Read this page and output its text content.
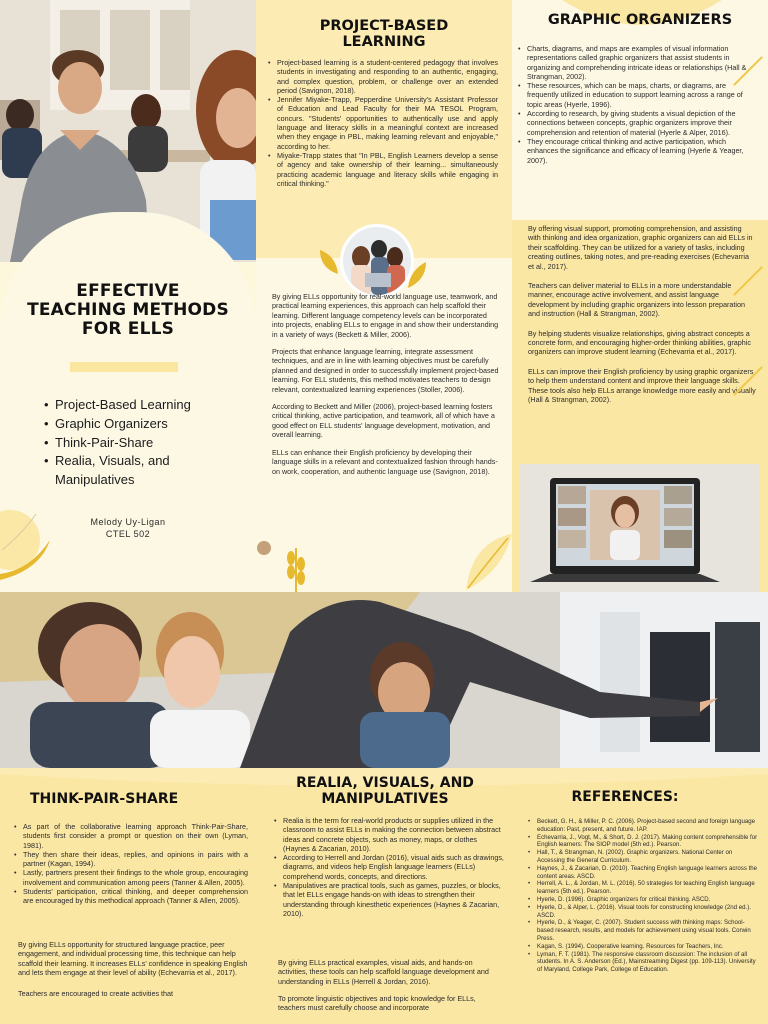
EFFECTIVE
TEACHING METHODS
FOR ELLS
• Project-Based Learning
• Graphic Organizers
• Think-Pair-Share
• Realia, Visuals, and Manipulatives
Melody Uy-Ligan
CTEL 502
PROJECT-BASED LEARNING
• Project-based learning is a student-centered pedagogy that involves students in investigating and responding to an authentic, engaging, and complex question, problem, or challenge over an extended period (Savignon, 2018).
• Jennifer Miyake-Trapp, Pepperdine University's Assistant Professor of Education and Lead Faculty for their MA TESOL Program, concurs. "Students' opportunities to authentically use and apply language and literacy skills in a meaningful context are increased when they engage in PBL, making learning relevant and enjoyable," according to her.
• Miyake-Trapp states that "In PBL, English Learners develop a sense of agency and take ownership of their learning... simultaneously practicing academic language and literacy skills while engaging in critical thinking."

By giving ELLs opportunity for real-world language use, teamwork, and practical learning experiences, this approach can help scaffold their learning. Different language competency levels can be incorporated into projects, enabling ELLs to engage in and show their understanding in a variety of ways (Beckett & Miller, 2006).

Projects that enhance language learning, integrate assessment techniques, and are in line with learning objectives must be carefully planned and designed in order to successfully implement project-based learning. For ELL students, this method motivates teachers to design relevant, contextualized learning experiences (Stoller, 2006).

According to Beckett and Miller (2006), project-based learning fosters critical thinking, active participation, and teamwork, all of which have a good effect on ELL students' language development, motivation, and overall learning.

ELLs can enhance their English proficiency by developing their language skills in a relevant and contextualized fashion through hands-on work, cooperation, and authentic language use (Savignon, 2018).

GRAPHIC ORGANIZERS
• Charts, diagrams, and maps are examples of visual information representations called graphic organizers that assist students in organizing and comprehending intricate ideas or relationships (Hall & Strangman, 2002).
• These resources, which can be maps, charts, or diagrams, are frequently utilized in education to support learning across a range of topic areas (Hyerle, 1996).
• According to research, by giving students a visual depiction of the connections between concepts, graphic organizers improve their comprehension and retention of material (Hyerle & Alper, 2016).
• They encourage critical thinking and active participation, which enhances the significance and efficacy of learning (Hyerle & Yeager, 2007).

By offering visual support, promoting comprehension, and assisting with thinking and idea organization, graphic organizers can aid ELLs in their scaffolding. They can be utilized for a variety of tasks, including creating outlines, taking notes, and pre-reading exercises (Echevarria et al., 2017).

Teachers can deliver material to ELLs in a more understandable manner, encourage active involvement, and assist language development by including graphic organizers into lesson preparation and instruction (Hall & Strangman, 2002).

By helping students visualize relationships, giving abstract concepts a concrete form, and encouraging higher-order thinking abilities, graphic organizers can improve student learning (Echevarria et al., 2017).

ELLs can improve their English proficiency by using graphic organizers to help them understand content and improve their language skills. These tools also help ELLs arrange knowledge more easily and visually (Hall & Strangman, 2002).

THINK-PAIR-SHARE
• As part of the collaborative learning approach Think-Pair-Share, students first consider a prompt or question on their own (Lyman, 1981).
• They then share their ideas, replies, and opinions in pairs with a partner (Kagan, 1994).
• Lastly, partners present their findings to the whole group, encouraging involvement and communication among peers (Tanner & Allen, 2005).
• Students' participation, critical thinking, and deeper comprehension are encouraged by this methodical approach (Tanner & Allen, 2005).

By giving ELLs opportunity for structured language practice, peer engagement, and individual processing time, this technique can help scaffold their learning. It increases ELLs' confidence in speaking English and lets them engage at their level of ability (Echevarria et al., 2017).

Teachers are encouraged to create activities that

REALIA, VISUALS, AND MANIPULATIVES
• Realia is the term for real-world products or supplies utilized in the classroom to assist ELLs in making the connection between abstract ideas and concrete objects, such as money, maps, or clothes (Haynes & Zacarian, 2010).
• According to Herrell and Jordan (2016), visual aids such as drawings, diagrams, and videos help English language learners (ELLs) comprehend words, concepts, and directions.
• Manipulatives are practical tools, such as games, puzzles, or blocks, that let ELLs engage hands-on with ideas to strengthen their understanding through kinesthetic experiences (Haynes & Zacarian, 2010).

By giving ELLs practical examples, visual aids, and hands-on activities, these tools can help scaffold language development and understanding in ELLs (Herrell & Jordan, 2016).

To promote linguistic objectives and topic knowledge for ELLs, teachers must carefully choose and incorporate

REFERENCES:
• Beckett, G. H., & Miller, P. C. (2006). Project-based second and foreign language education: Past, present, and future. IAP.
• Echevarria, J., Vogt, M., & Short, D. J. (2017). Making content comprehensible for English learners: The SIOP model (5th ed.). Pearson.
• Hall, T., & Strangman, N. (2002). Graphic organizers. National Center on Accessing the General Curriculum.
• Haynes, J., & Zacarian, D. (2010). Teaching English language learners across the content areas. ASCD.
• Herrell, A. L., & Jordan, M. L. (2016). 50 strategies for teaching English language learners (5th ed.). Pearson.
• Hyerle, D. (1996). Graphic organizers for critical thinking. ASCD.
• Hyerle, D., & Alper, L. (2016). Visual tools for constructing knowledge (2nd ed.). ASCD.
• Hyerle, D., & Yeager, C. (2007). Student success with thinking maps: School-based research, results, and models for achievement using visual tools. Corwin Press.
• Kagan, S. (1994). Cooperative learning. Resources for Teachers, Inc.
• Lyman, F. T. (1981). The responsive classroom discussion: The inclusion of all students. In A. S. Anderson (Ed.), Mainstreaming Digest (pp. 109-113). University of Maryland, College Park, College of Education.
